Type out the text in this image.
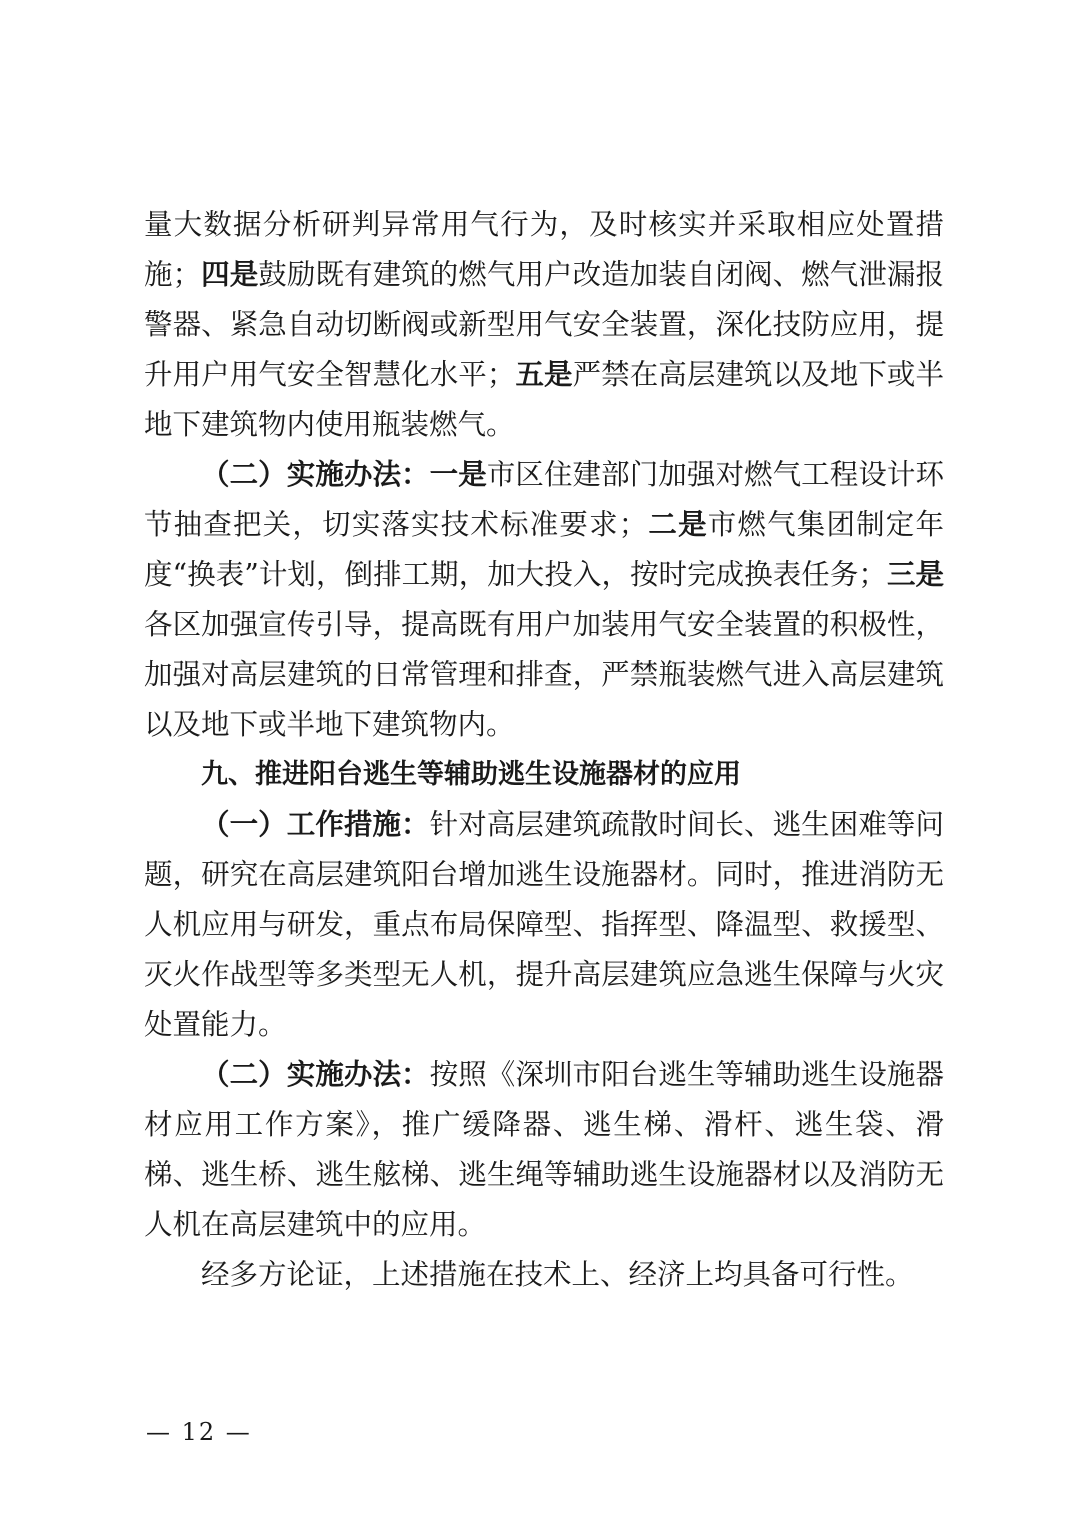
量大数据分析研判异常用气行为，及时核实并采取相应处置措施；四是鼓励既有建筑的燃气用户改造加装自闭阀、燃气泄漏报警器、紧急自动切断阀或新型用气安全装置，深化技防应用，提升用户用气安全智慧化水平；五是严禁在高层建筑以及地下或半地下建筑物内使用瓶装燃气。

（二）实施办法：一是市区住建部门加强对燃气工程设计环节抽查把关，切实落实技术标准要求；二是市燃气集团制定年度“换表”计划，倒排工期，加大投入，按时完成换表任务；三是各区加强宣传引导，提高既有用户加装用气安全装置的积极性，加强对高层建筑的日常管理和排查，严禁瓶装燃气进入高层建筑以及地下或半地下建筑物内。

九、推进阳台逃生等辅助逃生设施器材的应用

（一）工作措施：针对高层建筑疏散时间长、逃生困难等问题，研究在高层建筑阳台增加逃生设施器材。同时，推进消防无人机应用与研发，重点布局保障型、指挥型、降温型、救援型、灭火作战型等多类型无人机，提升高层建筑应急逃生保障与火灾处置能力。

（二）实施办法：按照《深圳市阳台逃生等辅助逃生设施器材应用工作方案》，推广缓降器、逃生梯、滑杆、逃生袋、滑梯、逃生桥、逃生舷梯、逃生绳等辅助逃生设施器材以及消防无人机在高层建筑中的应用。

经多方论证，上述措施在技术上、经济上均具备可行性。

— 12 —
